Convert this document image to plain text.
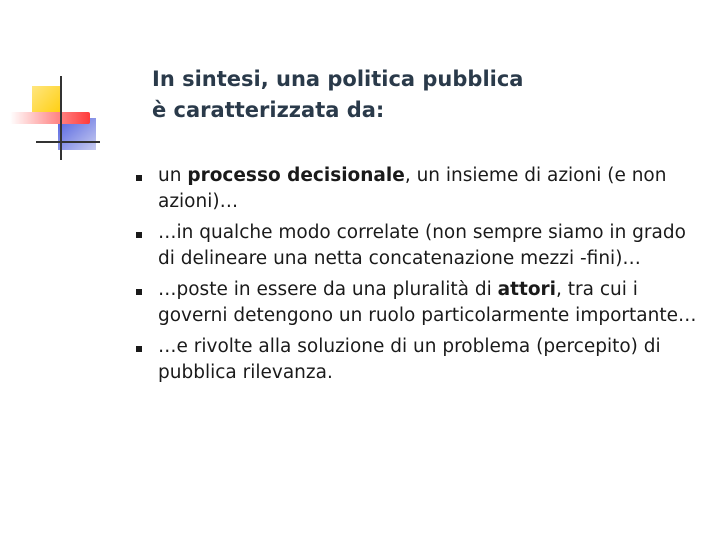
In sintesi, una politica pubblica
è caratterizzata da:
un processo decisionale, un insieme di azioni (e non azioni)…
…in qualche modo correlate (non sempre siamo in grado di delineare una netta concatenazione mezzi -fini)…
…poste in essere da una pluralità di attori, tra cui i governi detengono un ruolo particolarmente importante…
…e rivolte alla soluzione di un problema (percepito) di pubblica rilevanza.
